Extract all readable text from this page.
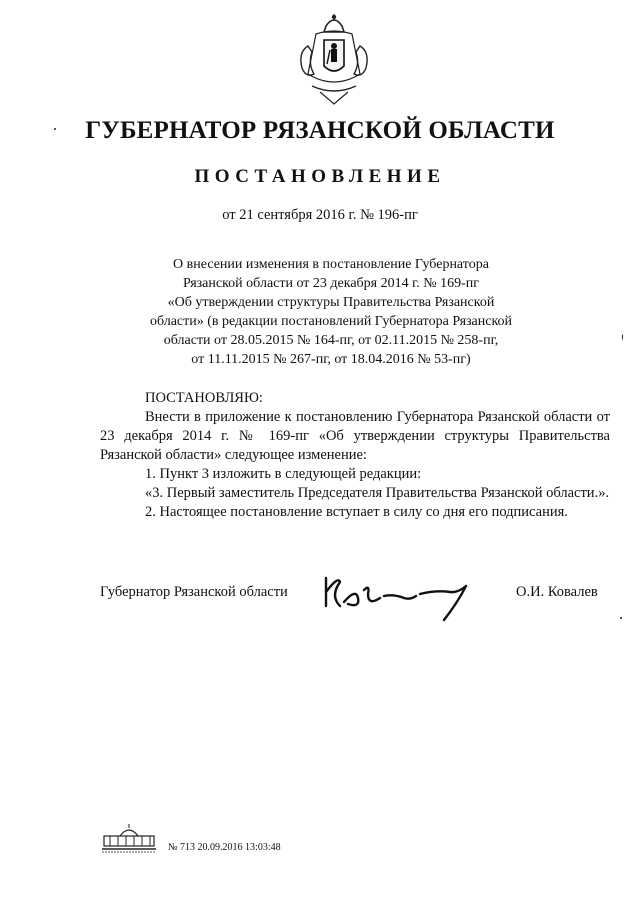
ГУБЕРНАТОР РЯЗАНСКОЙ ОБЛАСТИ
ПОСТАНОВЛЕНИЕ
от 21 сентября 2016 г. № 196-пг
О внесении изменения в постановление Губернатора
Рязанской области от 23 декабря 2014 г. № 169-пг
«Об утверждении структуры Правительства Рязанской
области» (в редакции постановлений Губернатора Рязанской
области от 28.05.2015 № 164-пг, от 02.11.2015 № 258-пг,
от 11.11.2015 № 267-пг, от 18.04.2016 № 53-пг)
ПОСТАНОВЛЯЮ:
Внести в приложение к постановлению Губернатора Рязанской области от 23 декабря 2014 г. № 169-пг «Об утверждении структуры Правительства Рязанской области» следующее изменение:
1. Пункт 3 изложить в следующей редакции:
«3. Первый заместитель Председателя Правительства Рязанской области.».
2. Настоящее постановление вступает в силу со дня его подписания.
Губернатор Рязанской области	О.И. Ковалев
№ 713 20.09.2016 13:03:48
